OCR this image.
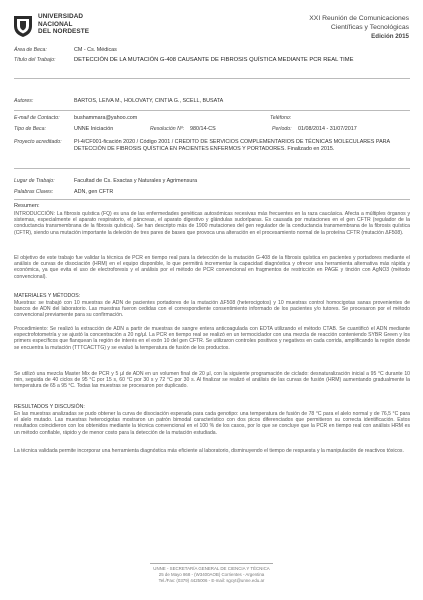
UNIVERSIDAD
NACIONAL
DEL NORDESTE
XXI Reunión de Comunicaciones
Científicas y Tecnológicas
Edición 2015
Área de Beca:	CM - Cs. Médicas
Título del Trabajo:	DETECCIÓN DE LA MUTACIÓN G-408 CAUSANTE DE FIBROSIS QUÍSTICA MEDIANTE PCR REAL TIME
Autores:	BARTOS, LEIVA M., HOLOVATY, CINTIA G., SCELL, BUSATA
E-mail de Contacto:	bushammara@yahoo.com	Teléfono:
Tipo de Beca:	UNNE Iniciación	Resolución Nº: 980/14-CS	Período: 01/08/2014 - 31/07/2017
Proyecto acreditado: PI-4/CF001-ficación 2020 / Código 2001 / CREDITO DE SERVICIOS COMPLEMENTARIOS DE TÉCNICAS MOLECULARES PARA DETECCIÓN DE FIBROSIS QUÍSTICA EN PACIENTES ENFERMOS Y PORTADORES. Finalizado en 2015.
Lugar de Trabajo:	Facultad de Cs. Exactas y Naturales y Agrimensura
Palabras Claves:	ADN, gen CFTR
Resumen:
INTRODUCCIÓN: La fibrosis quística (FQ) es una de las enfermedades genéticas autosómicas recesivas más frecuentes en la raza caucásica. Afecta a múltiples órganos y sistemas, especialmente el aparato respiratorio, el páncreas, el aparato digestivo y glándulas sudoríparas. Es causada por mutaciones en el gen CFTR (regulador de la conductancia transmembrana de la fibrosis quística). Se han descripto más de 1900 mutaciones del gen regulador de la conductancia transmembrana de la fibrosis quística (CFTR), siendo una mutación importante la deleción de tres pares de bases que provoca una alteración en el procesamiento normal de la proteína CFTR (mutación ΔF508).
El objetivo de este trabajo fue validar la técnica de PCR en tiempo real para la detección de la mutación G-408 de la fibrosis quística en pacientes y portadores mediante el análisis de curvas de disociación (HRM) en el equipo disponible, lo que permitirá incrementar la capacidad diagnóstica y ofrecer una herramienta alternativa más rápida y económica, ya que evita el uso de electroforesis y el análisis por el método de PCR convencional en fragmentos de restricción en PAGE y tinción con AgNO3 (método convencional).
MATERIALES Y MÉTODOS:
Muestras: se trabajó con 10 muestras de ADN de pacientes portadores de la mutación ΔF508 (heterocigotos) y 10 muestras control homocigotas sanas provenientes de bancos de ADN del laboratorio. Las muestras fueron cedidas con el correspondiente consentimiento informado de los pacientes y/o tutores. Se procesaron por el método convencional previamente para su confirmación.
Procedimiento: Se realizó la extracción de ADN a partir de muestras de sangre entera anticoagulada con EDTA utilizando el método CTAB. Se cuantificó el ADN mediante espectrofotometría y se ajustó la concentración a 20 ng/µl. La PCR en tiempo real se realizó en un termociclador con una mezcla de reacción conteniendo SYBR Green y los primers específicos que flanquean la región de interés en el exón 10 del gen CFTR. Se utilizaron controles positivos y negativos en cada corrida, amplificando la región donde se encuentra la mutación (TTTCACTTG) y se evaluó la temperatura de fusión de los productos.
Se utilizó una mezcla Master Mix de PCR y 5 µl de ADN en un volumen final de 20 µl, con la siguiente programación de ciclado: desnaturalización inicial a 95 °C durante 10 min, seguida de 40 ciclos de 95 °C por 15 s, 60 °C por 30 s y 72 °C por 30 s. Al finalizar se realizó el análisis de las curvas de fusión (HRM) aumentando gradualmente la temperatura de 65 a 95 °C. Todas las muestras se procesaron por duplicado.
RESULTADOS Y DISCUSIÓN:
En las muestras analizadas se pudo obtener la curva de disociación esperada para cada genotipo: una temperatura de fusión de 78 °C para el alelo normal y de 76,5 °C para el alelo mutado. Las muestras heterocigotas mostraron un patrón bimodal característico con dos picos diferenciados que permitieron su correcta identificación. Estos resultados coincidieron con los obtenidos mediante la técnica convencional en el 100 % de los casos, por lo que se concluye que la PCR en tiempo real con análisis HRM es un método confiable, rápido y de menor costo para la detección de la mutación estudiada.
La técnica validada permite incorporar una herramienta diagnóstica más eficiente al laboratorio, disminuyendo el tiempo de respuesta y la manipulación de reactivos tóxicos.
UNNE - SECRETARÍA GENERAL DE CIENCIA Y TÉCNICA
25 de Mayo 868 - (W3400AOB) Corrientes - Argentina
Tel./Fax: (0379) 4425006 - E-mail: sgcyt@unne.edu.ar
